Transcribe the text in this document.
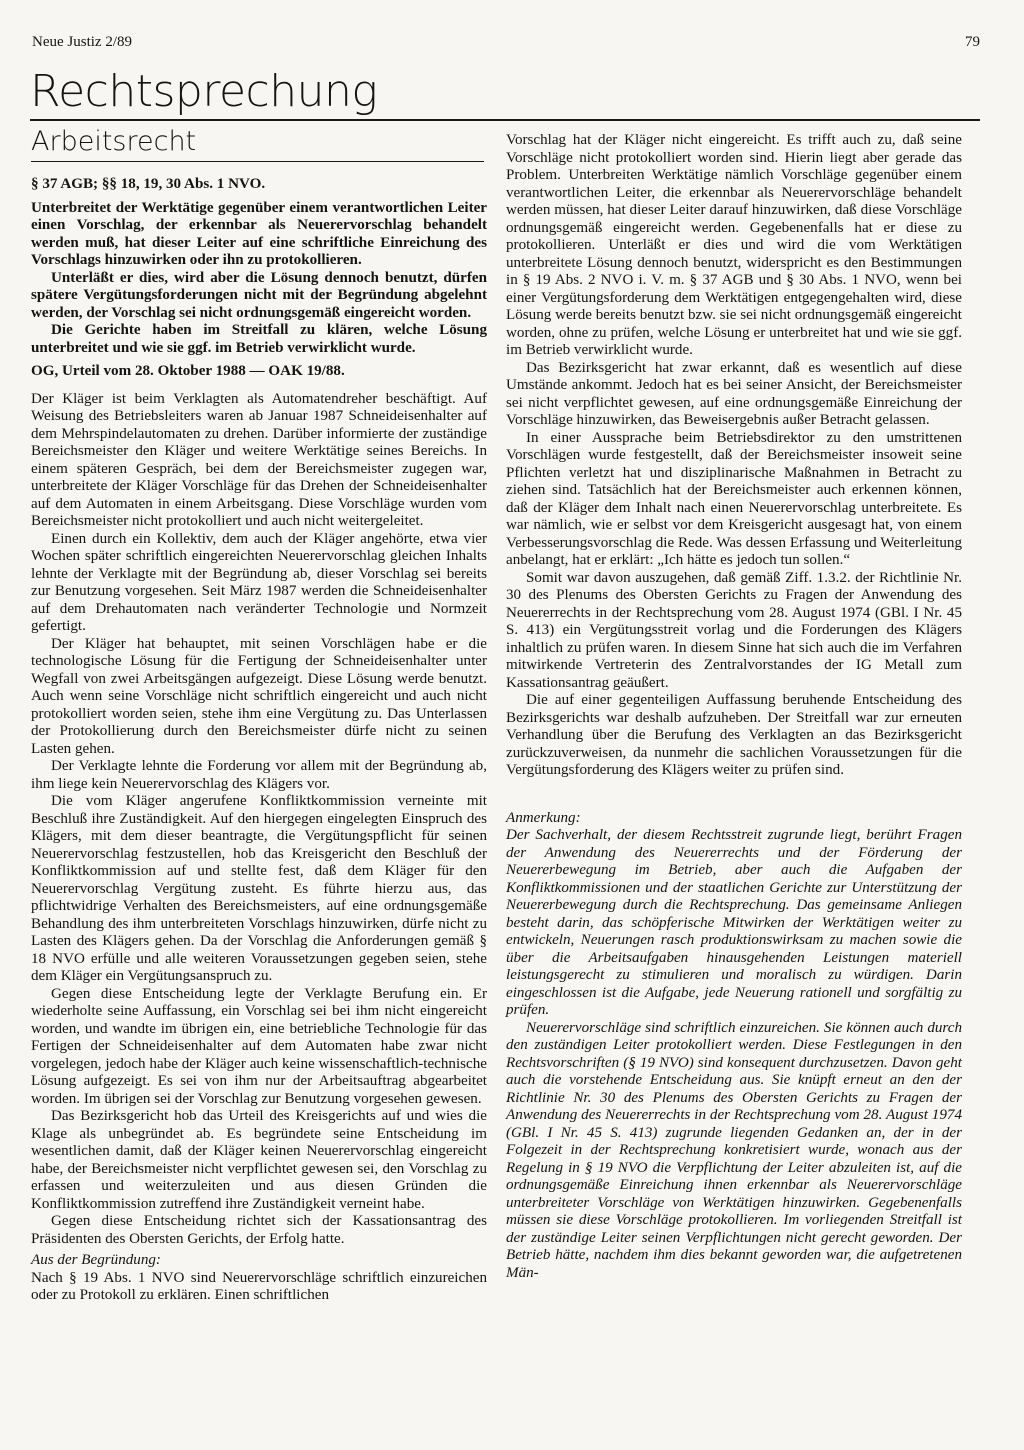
Neue Justiz 2/89	79
Rechtsprechung
Arbeitsrecht

§ 37 AGB; §§ 18, 19, 30 Abs. 1 NVO.

Unterbreitet der Werktätige gegenüber einem verantwortlichen Leiter einen Vorschlag, der erkennbar als Neuerervorschlag behandelt werden muß, hat dieser Leiter auf eine schriftliche Einreichung des Vorschlags hinzuwirken oder ihn zu protokollieren.

Unterläßt er dies, wird aber die Lösung dennoch benutzt, dürfen spätere Vergütungsforderungen nicht mit der Begründung abgelehnt werden, der Vorschlag sei nicht ordnungsgemäß eingereicht worden.

Die Gerichte haben im Streitfall zu klären, welche Lösung unterbreitet und wie sie ggf. im Betrieb verwirklicht wurde.

OG, Urteil vom 28. Oktober 1988 — OAK 19/88.

Der Kläger ist beim Verklagten als Automatendreher beschäftigt. Auf Weisung des Betriebsleiters waren ab Januar 1987 Schneideisenhalter auf dem Mehrspindelautomaten zu drehen. Darüber informierte der zuständige Bereichsmeister den Kläger und weitere Werktätige seines Bereichs. In einem späteren Gespräch, bei dem der Bereichsmeister zugegen war, unterbreitete der Kläger Vorschläge für das Drehen der Schneideisenhalter auf dem Automaten in einem Arbeitsgang. Diese Vorschläge wurden vom Bereichsmeister nicht protokolliert und auch nicht weitergeleitet.

Einen durch ein Kollektiv, dem auch der Kläger angehörte, etwa vier Wochen später schriftlich eingereichten Neuerervorschlag gleichen Inhalts lehnte der Verklagte mit der Begründung ab, dieser Vorschlag sei bereits zur Benutzung vorgesehen. Seit März 1987 werden die Schneideisenhalter auf dem Drehautomaten nach veränderter Technologie und Normzeit gefertigt.

Der Kläger hat behauptet, mit seinen Vorschlägen habe er die technologische Lösung für die Fertigung der Schneideisenhalter unter Wegfall von zwei Arbeitsgängen aufgezeigt. Diese Lösung werde benutzt. Auch wenn seine Vorschläge nicht schriftlich eingereicht und auch nicht protokolliert worden seien, stehe ihm eine Vergütung zu. Das Unterlassen der Protokollierung durch den Bereichsmeister dürfe nicht zu seinen Lasten gehen.

Der Verklagte lehnte die Forderung vor allem mit der Begründung ab, ihm liege kein Neuerervorschlag des Klägers vor.

Die vom Kläger angerufene Konfliktkommission verneinte mit Beschluß ihre Zuständigkeit. Auf den hiergegen eingelegten Einspruch des Klägers, mit dem dieser beantragte, die Vergütungspflicht für seinen Neuerervorschlag festzustellen, hob das Kreisgericht den Beschluß der Konfliktkommission auf und stellte fest, daß dem Kläger für den Neuerervorschlag Vergütung zusteht. Es führte hierzu aus, das pflichtwidrige Verhalten des Bereichsmeisters, auf eine ordnungsgemäße Behandlung des ihm unterbreiteten Vorschlags hinzuwirken, dürfe nicht zu Lasten des Klägers gehen. Da der Vorschlag die Anforderungen gemäß § 18 NVO erfülle und alle weiteren Voraussetzungen gegeben seien, stehe dem Kläger ein Vergütungsanspruch zu.

Gegen diese Entscheidung legte der Verklagte Berufung ein. Er wiederholte seine Auffassung, ein Vorschlag sei bei ihm nicht eingereicht worden, und wandte im übrigen ein, eine betriebliche Technologie für das Fertigen der Schneideisenhalter auf dem Automaten habe zwar nicht vorgelegen, jedoch habe der Kläger auch keine wissenschaftlich-technische Lösung aufgezeigt. Es sei von ihm nur der Arbeitsauftrag abgearbeitet worden. Im übrigen sei der Vorschlag zur Benutzung vorgesehen gewesen.

Das Bezirksgericht hob das Urteil des Kreisgerichts auf und wies die Klage als unbegründet ab. Es begründete seine Entscheidung im wesentlichen damit, daß der Kläger keinen Neuerervorschlag eingereicht habe, der Bereichsmeister nicht verpflichtet gewesen sei, den Vorschlag zu erfassen und weiterzuleiten und aus diesen Gründen die Konfliktkommission zutreffend ihre Zuständigkeit verneint habe.

Gegen diese Entscheidung richtet sich der Kassationsantrag des Präsidenten des Obersten Gerichts, der Erfolg hatte.

Aus der Begründung:

Nach § 19 Abs. 1 NVO sind Neuerervorschläge schriftlich einzureichen oder zu Protokoll zu erklären. Einen schriftlichen

Vorschlag hat der Kläger nicht eingereicht. Es trifft auch zu, daß seine Vorschläge nicht protokolliert worden sind. Hierin liegt aber gerade das Problem. Unterbreiten Werktätige nämlich Vorschläge gegenüber einem verantwortlichen Leiter, die erkennbar als Neuerervorschläge behandelt werden müssen, hat dieser Leiter darauf hinzuwirken, daß diese Vorschläge ordnungsgemäß eingereicht werden. Gegebenenfalls hat er diese zu protokollieren. Unterläßt er dies und wird die vom Werktätigen unterbreitete Lösung dennoch benutzt, widerspricht es den Bestimmungen in § 19 Abs. 2 NVO i. V. m. § 37 AGB und § 30 Abs. 1 NVO, wenn bei einer Vergütungsforderung dem Werktätigen entgegengehalten wird, diese Lösung werde bereits benutzt bzw. sie sei nicht ordnungsgemäß eingereicht worden, ohne zu prüfen, welche Lösung er unterbreitet hat und wie sie ggf. im Betrieb verwirklicht wurde.

Das Bezirksgericht hat zwar erkannt, daß es wesentlich auf diese Umstände ankommt. Jedoch hat es bei seiner Ansicht, der Bereichsmeister sei nicht verpflichtet gewesen, auf eine ordnungsgemäße Einreichung der Vorschläge hinzuwirken, das Beweisergebnis außer Betracht gelassen.

In einer Aussprache beim Betriebsdirektor zu den umstrittenen Vorschlägen wurde festgestellt, daß der Bereichsmeister insoweit seine Pflichten verletzt hat und disziplinarische Maßnahmen in Betracht zu ziehen sind. Tatsächlich hat der Bereichsmeister auch erkennen können, daß der Kläger dem Inhalt nach einen Neuerervorschlag unterbreitete. Es war nämlich, wie er selbst vor dem Kreisgericht ausgesagt hat, von einem Verbesserungsvorschlag die Rede. Was dessen Erfassung und Weiterleitung anbelangt, hat er erklärt: „Ich hätte es jedoch tun sollen.“

Somit war davon auszugehen, daß gemäß Ziff. 1.3.2. der Richtlinie Nr. 30 des Plenums des Obersten Gerichts zu Fragen der Anwendung des Neuererrechts in der Rechtsprechung vom 28. August 1974 (GBl. I Nr. 45 S. 413) ein Vergütungsstreit vorlag und die Forderungen des Klägers inhaltlich zu prüfen waren. In diesem Sinne hat sich auch die im Verfahren mitwirkende Vertreterin des Zentralvorstandes der IG Metall zum Kassationsantrag geäußert.

Die auf einer gegenteiligen Auffassung beruhende Entscheidung des Bezirksgerichts war deshalb aufzuheben. Der Streitfall war zur erneuten Verhandlung über die Berufung des Verklagten an das Bezirksgericht zurückzuverweisen, da nunmehr die sachlichen Voraussetzungen für die Vergütungsforderung des Klägers weiter zu prüfen sind.

Anmerkung:

Der Sachverhalt, der diesem Rechtsstreit zugrunde liegt, berührt Fragen der Anwendung des Neuererrechts und der Förderung der Neuererbewegung im Betrieb, aber auch die Aufgaben der Konfliktkommissionen und der staatlichen Gerichte zur Unterstützung der Neuererbewegung durch die Rechtsprechung. Das gemeinsame Anliegen besteht darin, das schöpferische Mitwirken der Werktätigen weiter zu entwickeln, Neuerungen rasch produktionswirksam zu machen sowie die über die Arbeitsaufgaben hinausgehenden Leistungen materiell leistungsgerecht zu stimulieren und moralisch zu würdigen. Darin eingeschlossen ist die Aufgabe, jede Neuerung rationell und sorgfältig zu prüfen.

Neuerervorschläge sind schriftlich einzureichen. Sie können auch durch den zuständigen Leiter protokolliert werden. Diese Festlegungen in den Rechtsvorschriften (§ 19 NVO) sind konsequent durchzusetzen. Davon geht auch die vorstehende Entscheidung aus. Sie knüpft erneut an den der Richtlinie Nr. 30 des Plenums des Obersten Gerichts zu Fragen der Anwendung des Neuererrechts in der Rechtsprechung vom 28. August 1974 (GBl. I Nr. 45 S. 413) zugrunde liegenden Gedanken an, der in der Folgezeit in der Rechtsprechung konkretisiert wurde, wonach aus der Regelung in § 19 NVO die Verpflichtung der Leiter abzuleiten ist, auf die ordnungsgemäße Einreichung ihnen erkennbar als Neuerervorschläge unterbreiteter Vorschläge von Werktätigen hinzuwirken. Gegebenenfalls müssen sie diese Vorschläge protokollieren. Im vorliegenden Streitfall ist der zuständige Leiter seinen Verpflichtungen nicht gerecht geworden. Der Betrieb hätte, nachdem ihm dies bekannt geworden war, die aufgetretenen Män-
